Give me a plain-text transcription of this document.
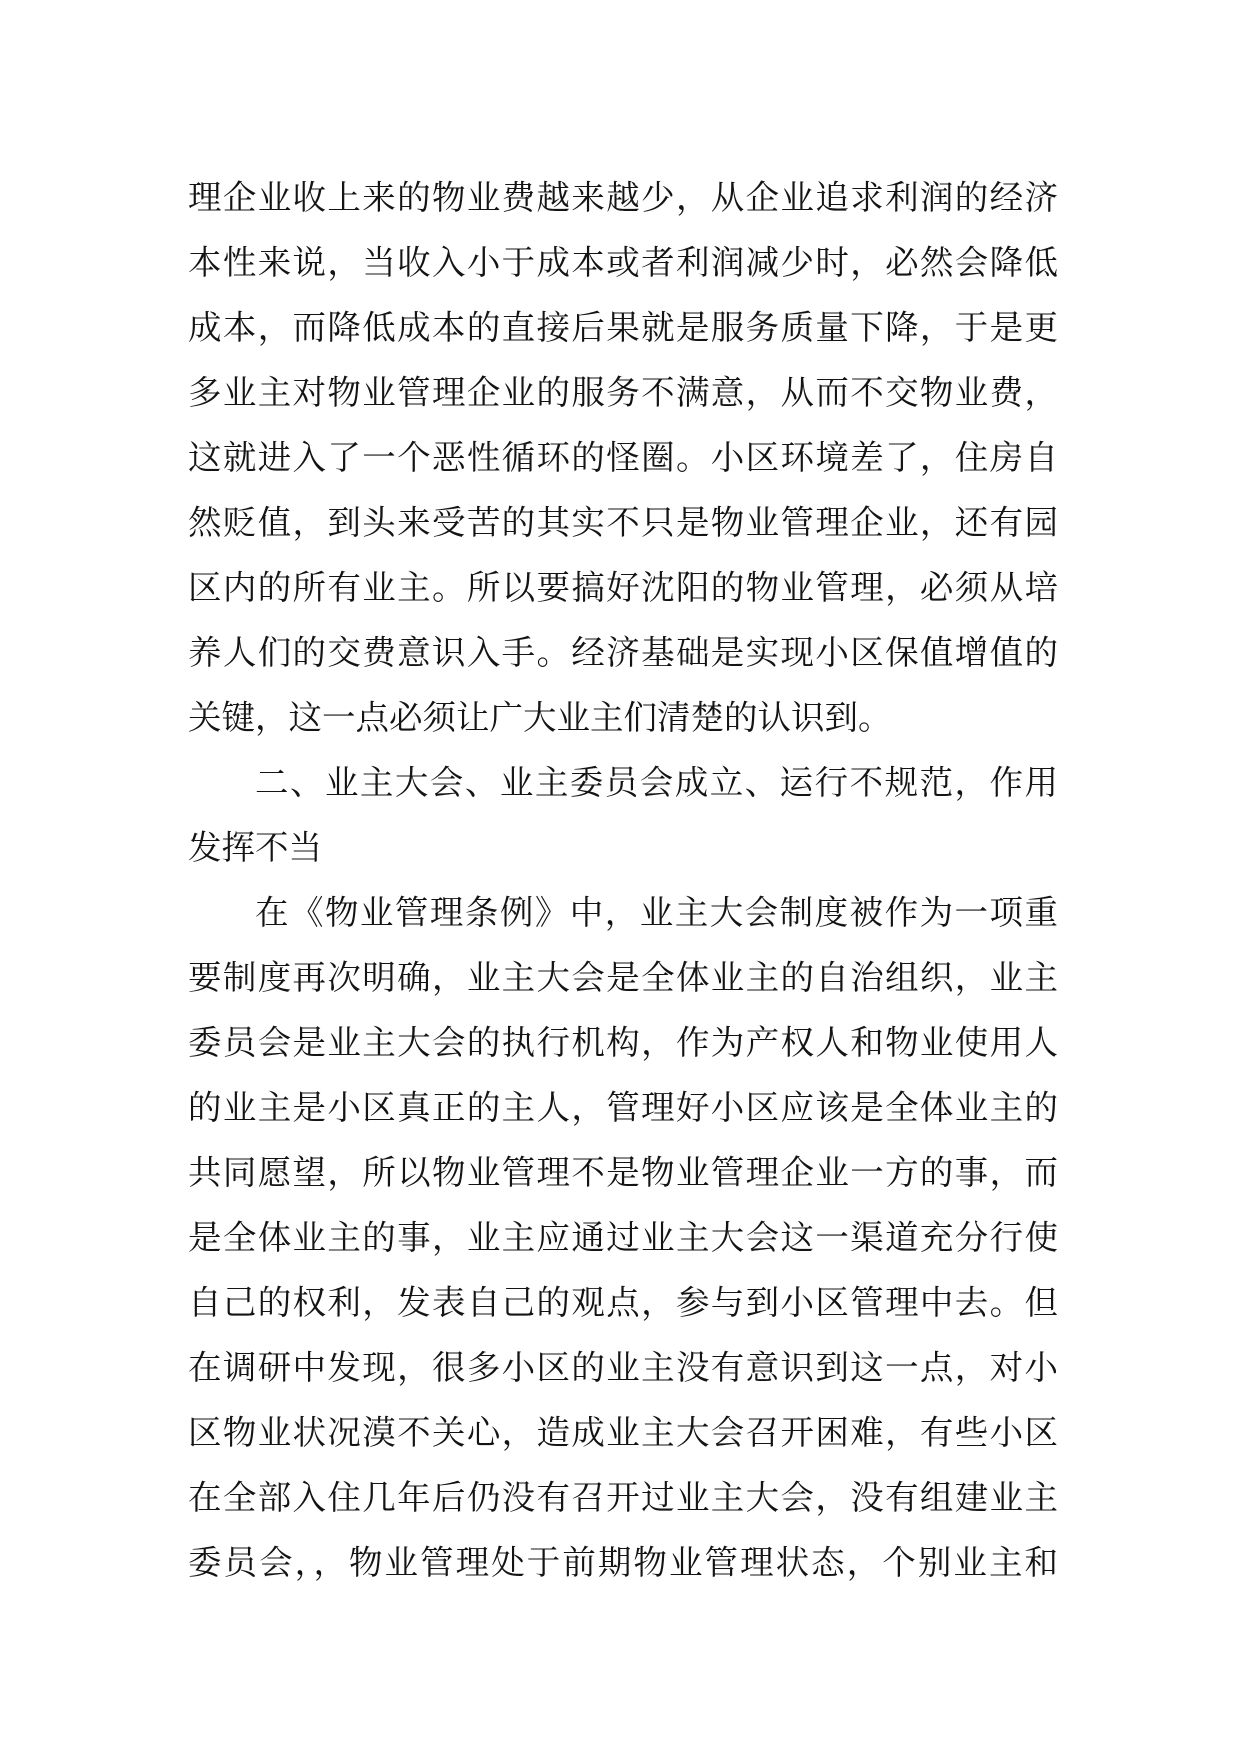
理企业收上来的物业费越来越少，从企业追求利润的经济
本性来说，当收入小于成本或者利润减少时，必然会降低
成本，而降低成本的直接后果就是服务质量下降，于是更
多业主对物业管理企业的服务不满意，从而不交物业费，
这就进入了一个恶性循环的怪圈。小区环境差了，住房自
然贬值，到头来受苦的其实不只是物业管理企业，还有园
区内的所有业主。所以要搞好沈阳的物业管理，必须从培
养人们的交费意识入手。经济基础是实现小区保值增值的
关键，这一点必须让广大业主们清楚的认识到。
二、业主大会、业主委员会成立、运行不规范，作用
发挥不当
在《物业管理条例》中，业主大会制度被作为一项重
要制度再次明确，业主大会是全体业主的自治组织，业主
委员会是业主大会的执行机构，作为产权人和物业使用人
的业主是小区真正的主人，管理好小区应该是全体业主的
共同愿望，所以物业管理不是物业管理企业一方的事，而
是全体业主的事，业主应通过业主大会这一渠道充分行使
自己的权利，发表自己的观点，参与到小区管理中去。但
在调研中发现，很多小区的业主没有意识到这一点，对小
区物业状况漠不关心，造成业主大会召开困难，有些小区
在全部入住几年后仍没有召开过业主大会，没有组建业主
委员会，，物业管理处于前期物业管理状态，个别业主和
